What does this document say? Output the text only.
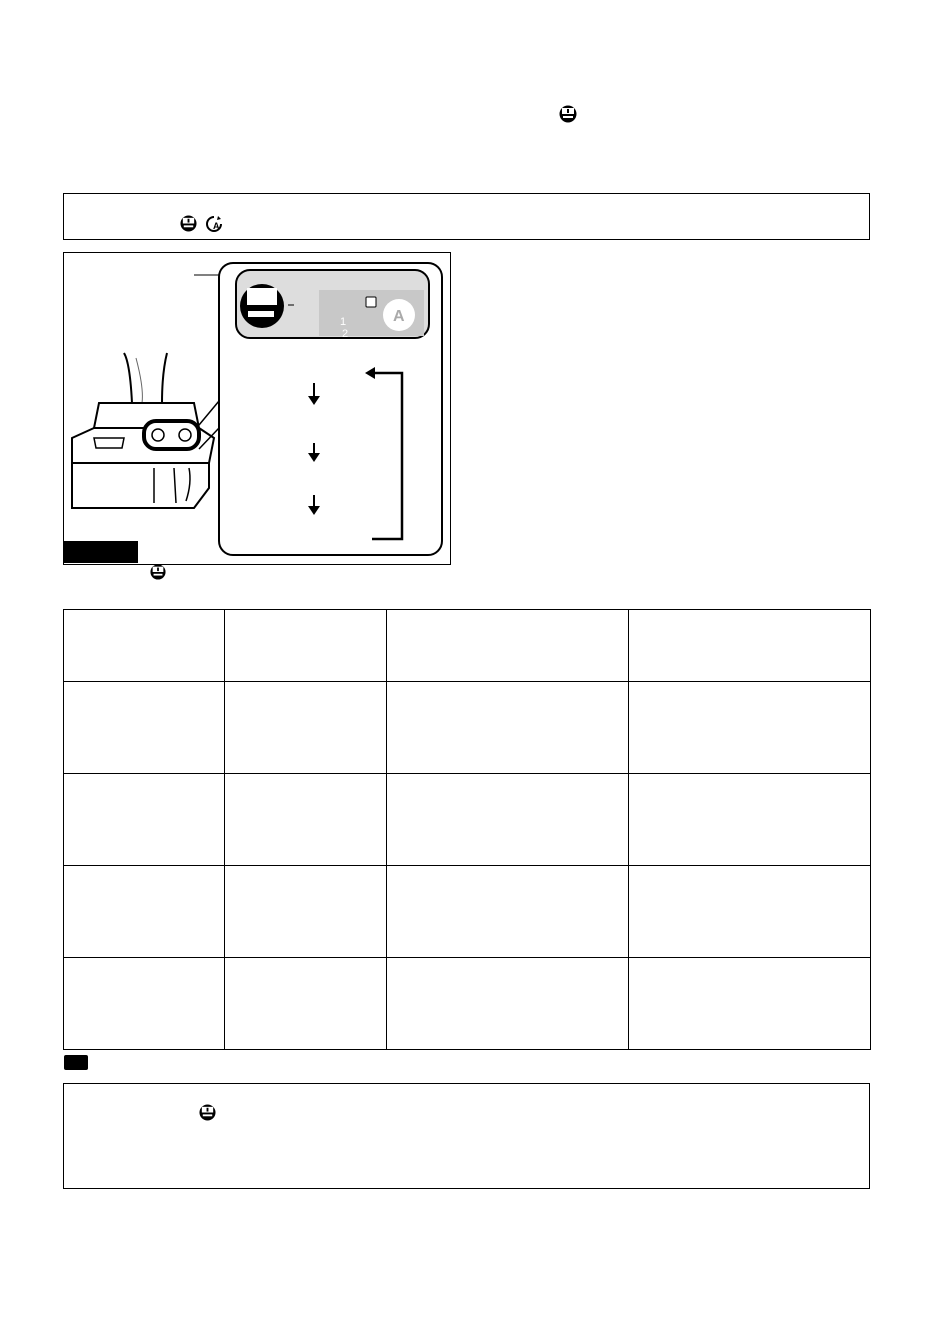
A
A
1
2
